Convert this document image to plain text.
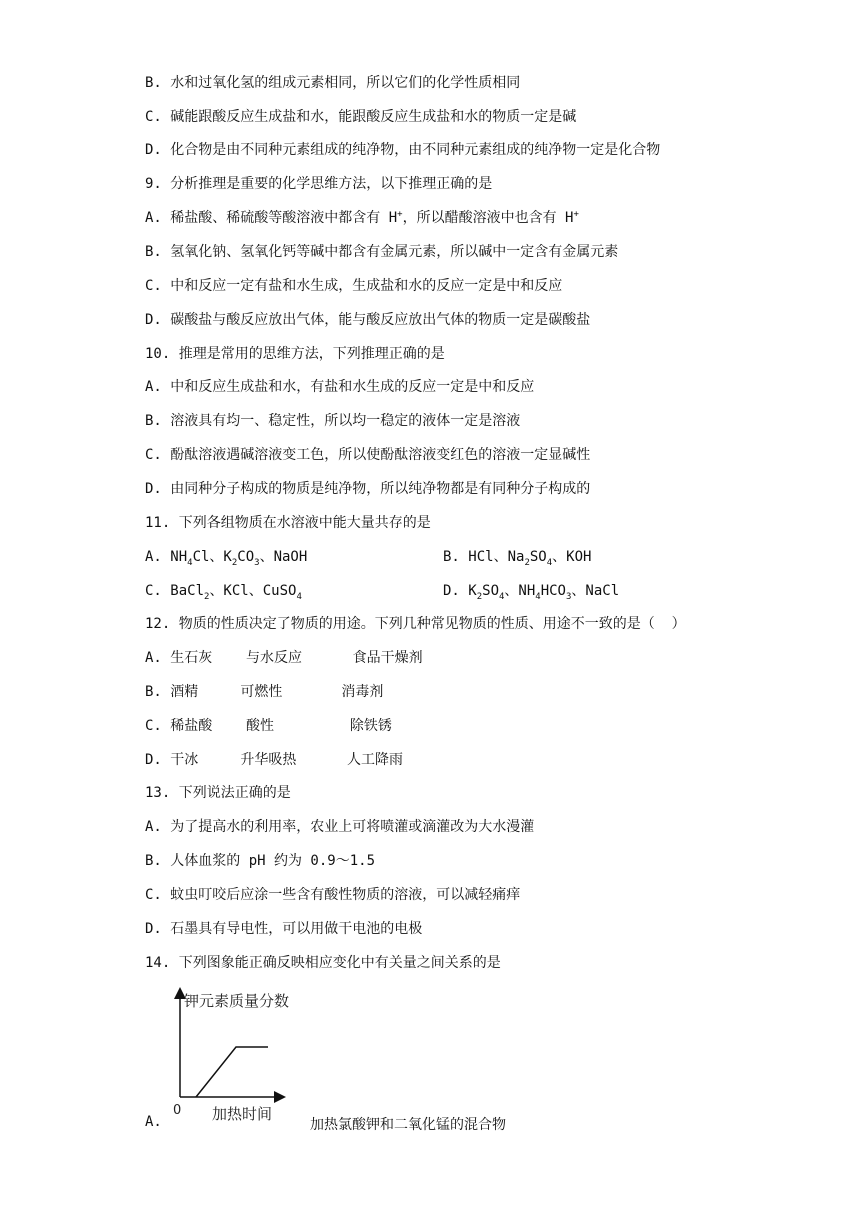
B. 水和过氧化氢的组成元素相同，所以它们的化学性质相同
C. 碱能跟酸反应生成盐和水，能跟酸反应生成盐和水的物质一定是碱
D. 化合物是由不同种元素组成的纯净物，由不同种元素组成的纯净物一定是化合物
9. 分析推理是重要的化学思维方法，以下推理正确的是
B. 氢氧化钠、氢氧化钙等碱中都含有金属元素，所以碱中一定含有金属元素
C. 中和反应一定有盐和水生成，生成盐和水的反应一定是中和反应
D. 碳酸盐与酸反应放出气体，能与酸反应放出气体的物质一定是碳酸盐
10. 推理是常用的思维方法，下列推理正确的是
A. 中和反应生成盐和水，有盐和水生成的反应一定是中和反应
B. 溶液具有均一、稳定性，所以均一稳定的液体一定是溶液
C. 酚酞溶液遇碱溶液变工色，所以使酚酞溶液变红色的溶液一定显碱性
D. 由同种分子构成的物质是纯净物，所以纯净物都是有同种分子构成的
11. 下列各组物质在水溶液中能大量共存的是
12. 物质的性质决定了物质的用途。下列几种常见物质的性质、用途不一致的是（  ）
A. 生石灰    与水反应      食品干燥剂
B. 酒精     可燃性       消毒剂
C. 稀盐酸    酸性         除铁锈
D. 干冰     升华吸热      人工降雨
13. 下列说法正确的是
A. 为了提高水的利用率，农业上可将喷灌或滴灌改为大水漫灌
B. 人体血浆的 pH 约为 0.9～1.5
C. 蚊虫叮咬后应涂一些含有酸性物质的溶液，可以减轻痛痒
D. 石墨具有导电性，可以用做干电池的电极
14. 下列图象能正确反映相应变化中有关量之间关系的是
A. 稀盐酸、稀硫酸等酸溶液中都含有 H+，所以醋酸溶液中也含有 H+
A. $NH_4Cl$、$K_2CO_3$、NaOH	B. HCl、$Na_2SO_4$、KOH
C. BaCl$_2$、KCl、CuSO$_4$	D. $K_2SO_4$、$NH_4HCO_3$、NaCl
钾元素质量分数
加热时间
0
A.	加热氯酸钾和二氧化锰的混合物
